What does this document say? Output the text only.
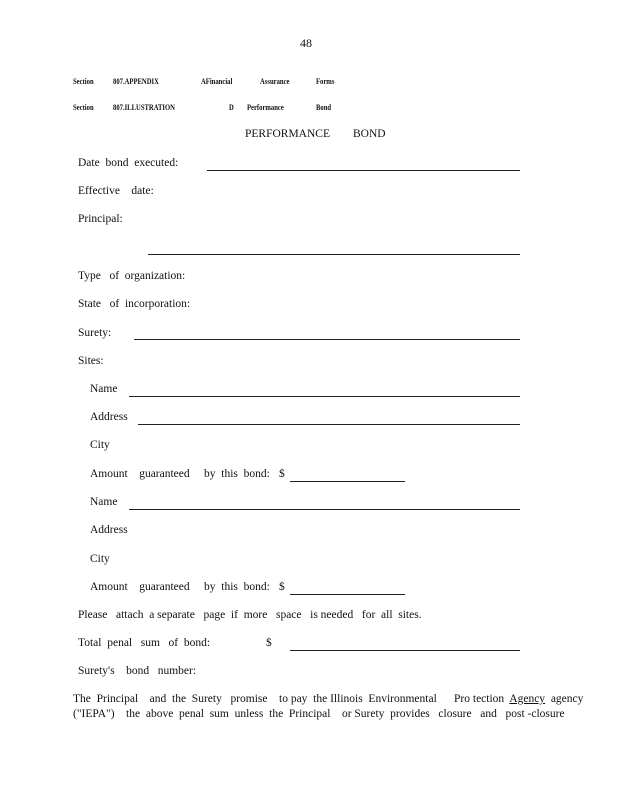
48
Section 807.APPENDIX	AFinancial	Assurance	Forms
Section 807.ILLUSTRATION	D Performance	Bond
PERFORMANCE        BOND
Date  bond  executed:
Effective    date:
Principal:
Type   of  organization:
State   of  incorporation:
Surety:
Sites:
Name
Address
City
Amount    guaranteed     by  this  bond: $
Name
Address
City
Amount    guaranteed     by  this  bond: $
Please   attach  a separate   page  if  more   space   is needed   for  all  sites.
Total  penal   sum   of  bond:	$
Surety's    bond   number:
The  Principal    and  the  Surety   promise    to pay  the Illinois  Environmental      Pro tection  Agency  agency
("IEPA")    the  above  penal  sum  unless  the  Principal    or Surety  provides   closure   and   post -closure
